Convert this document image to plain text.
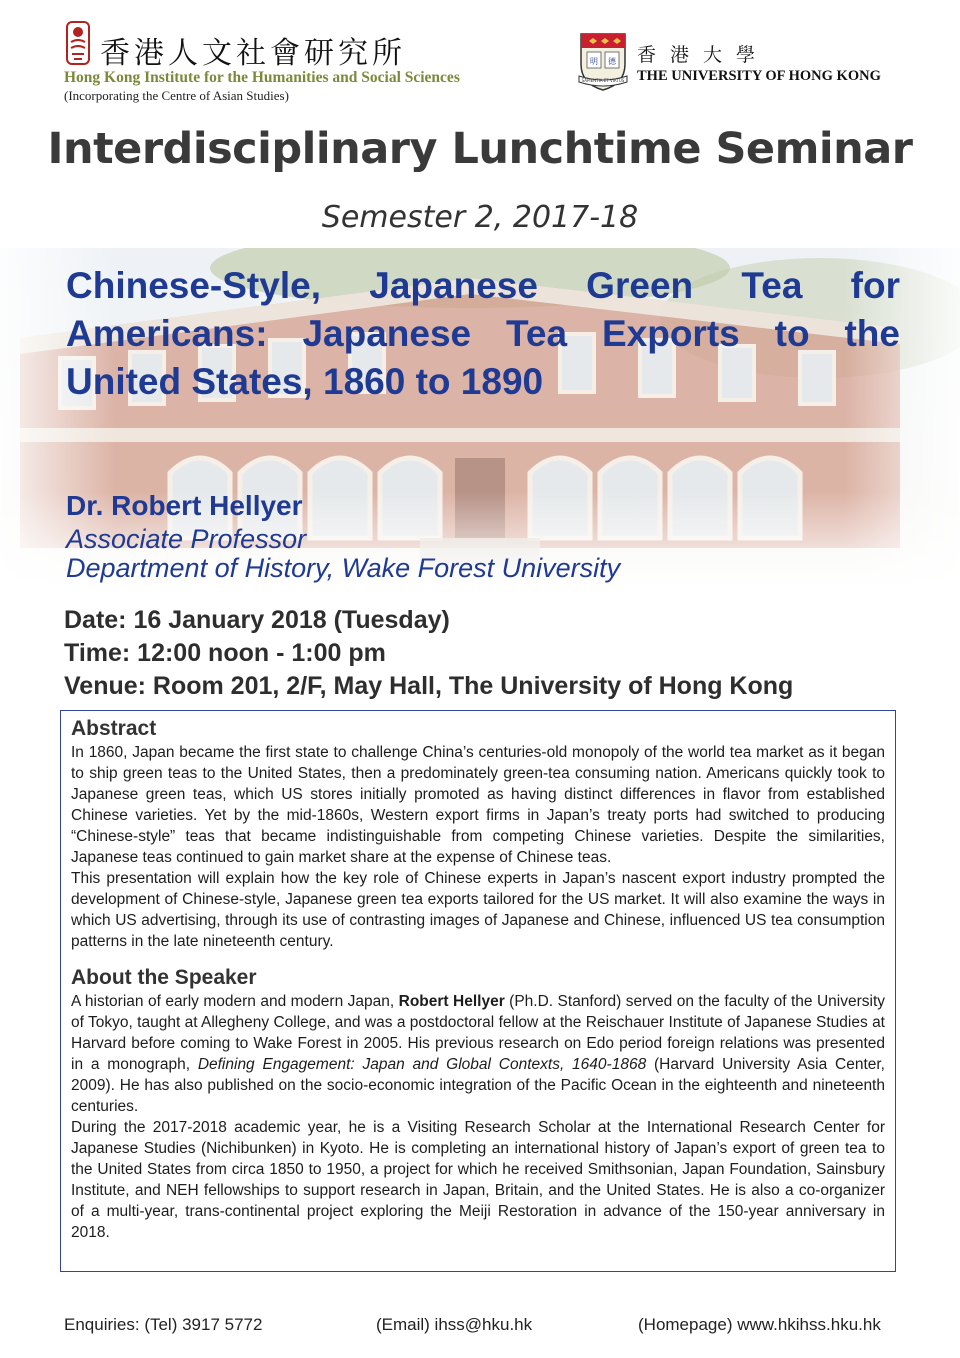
香港人文社會研究所
Hong Kong Institute for the Humanities and Social Sciences
(Incorporating the Centre of Asian Studies)
明 德
SAPIENTIA ET VIRTUS
香港大學
THE UNIVERSITY OF HONG KONG
Interdisciplinary Lunchtime Seminar
Semester 2, 2017-18
Chinese-Style, Japanese Green Tea for Americans: Japanese Tea Exports to the United States, 1860 to 1890
Dr. Robert Hellyer
Associate Professor
Department of History, Wake Forest University
Date: 16 January 2018 (Tuesday)
Time: 12:00 noon - 1:00 pm
Venue: Room 201, 2/F, May Hall, The University of Hong Kong
Abstract

In 1860, Japan became the first state to challenge China’s centuries-old monopoly of the world tea market as it began to ship green teas to the United States, then a predominately green-tea consuming nation. Americans quickly took to Japanese green teas, which US stores initially promoted as having distinct differences in flavor from established Chinese varieties. Yet by the mid-1860s, Western export firms in Japan’s treaty ports had switched to producing “Chinese-style” teas that became indistinguishable from competing Chinese varieties. Despite the similarities, Japanese teas continued to gain market share at the expense of Chinese teas.

This presentation will explain how the key role of Chinese experts in Japan’s nascent export industry prompted the development of Chinese-style, Japanese green tea exports tailored for the US market. It will also examine the ways in which US advertising, through its use of contrasting images of Japanese and Chinese, influenced US tea consumption patterns in the late nineteenth century.

About the Speaker

A historian of early modern and modern Japan, Robert Hellyer (Ph.D. Stanford) served on the faculty of the University of Tokyo, taught at Allegheny College, and was a postdoctoral fellow at the Reischauer Institute of Japanese Studies at Harvard before coming to Wake Forest in 2005. His previous research on Edo period foreign relations was presented in a monograph, Defining Engagement: Japan and Global Contexts, 1640-1868 (Harvard University Asia Center, 2009). He has also published on the socio-economic integration of the Pacific Ocean in the eighteenth and nineteenth centuries.

During the 2017-2018 academic year, he is a Visiting Research Scholar at the International Research Center for Japanese Studies (Nichibunken) in Kyoto. He is completing an international history of Japan’s export of green tea to the United States from circa 1850 to 1950, a project for which he received Smithsonian, Japan Foundation, Sainsbury Institute, and NEH fellowships to support research in Japan, Britain, and the United States. He is also a co-organizer of a multi-year, trans-continental project exploring the Meiji Restoration in advance of the 150-year anniversary in 2018.

Enquiries: (Tel) 3917 5772	(Email) ihss@hku.hk	(Homepage) www.hkihss.hku.hk
